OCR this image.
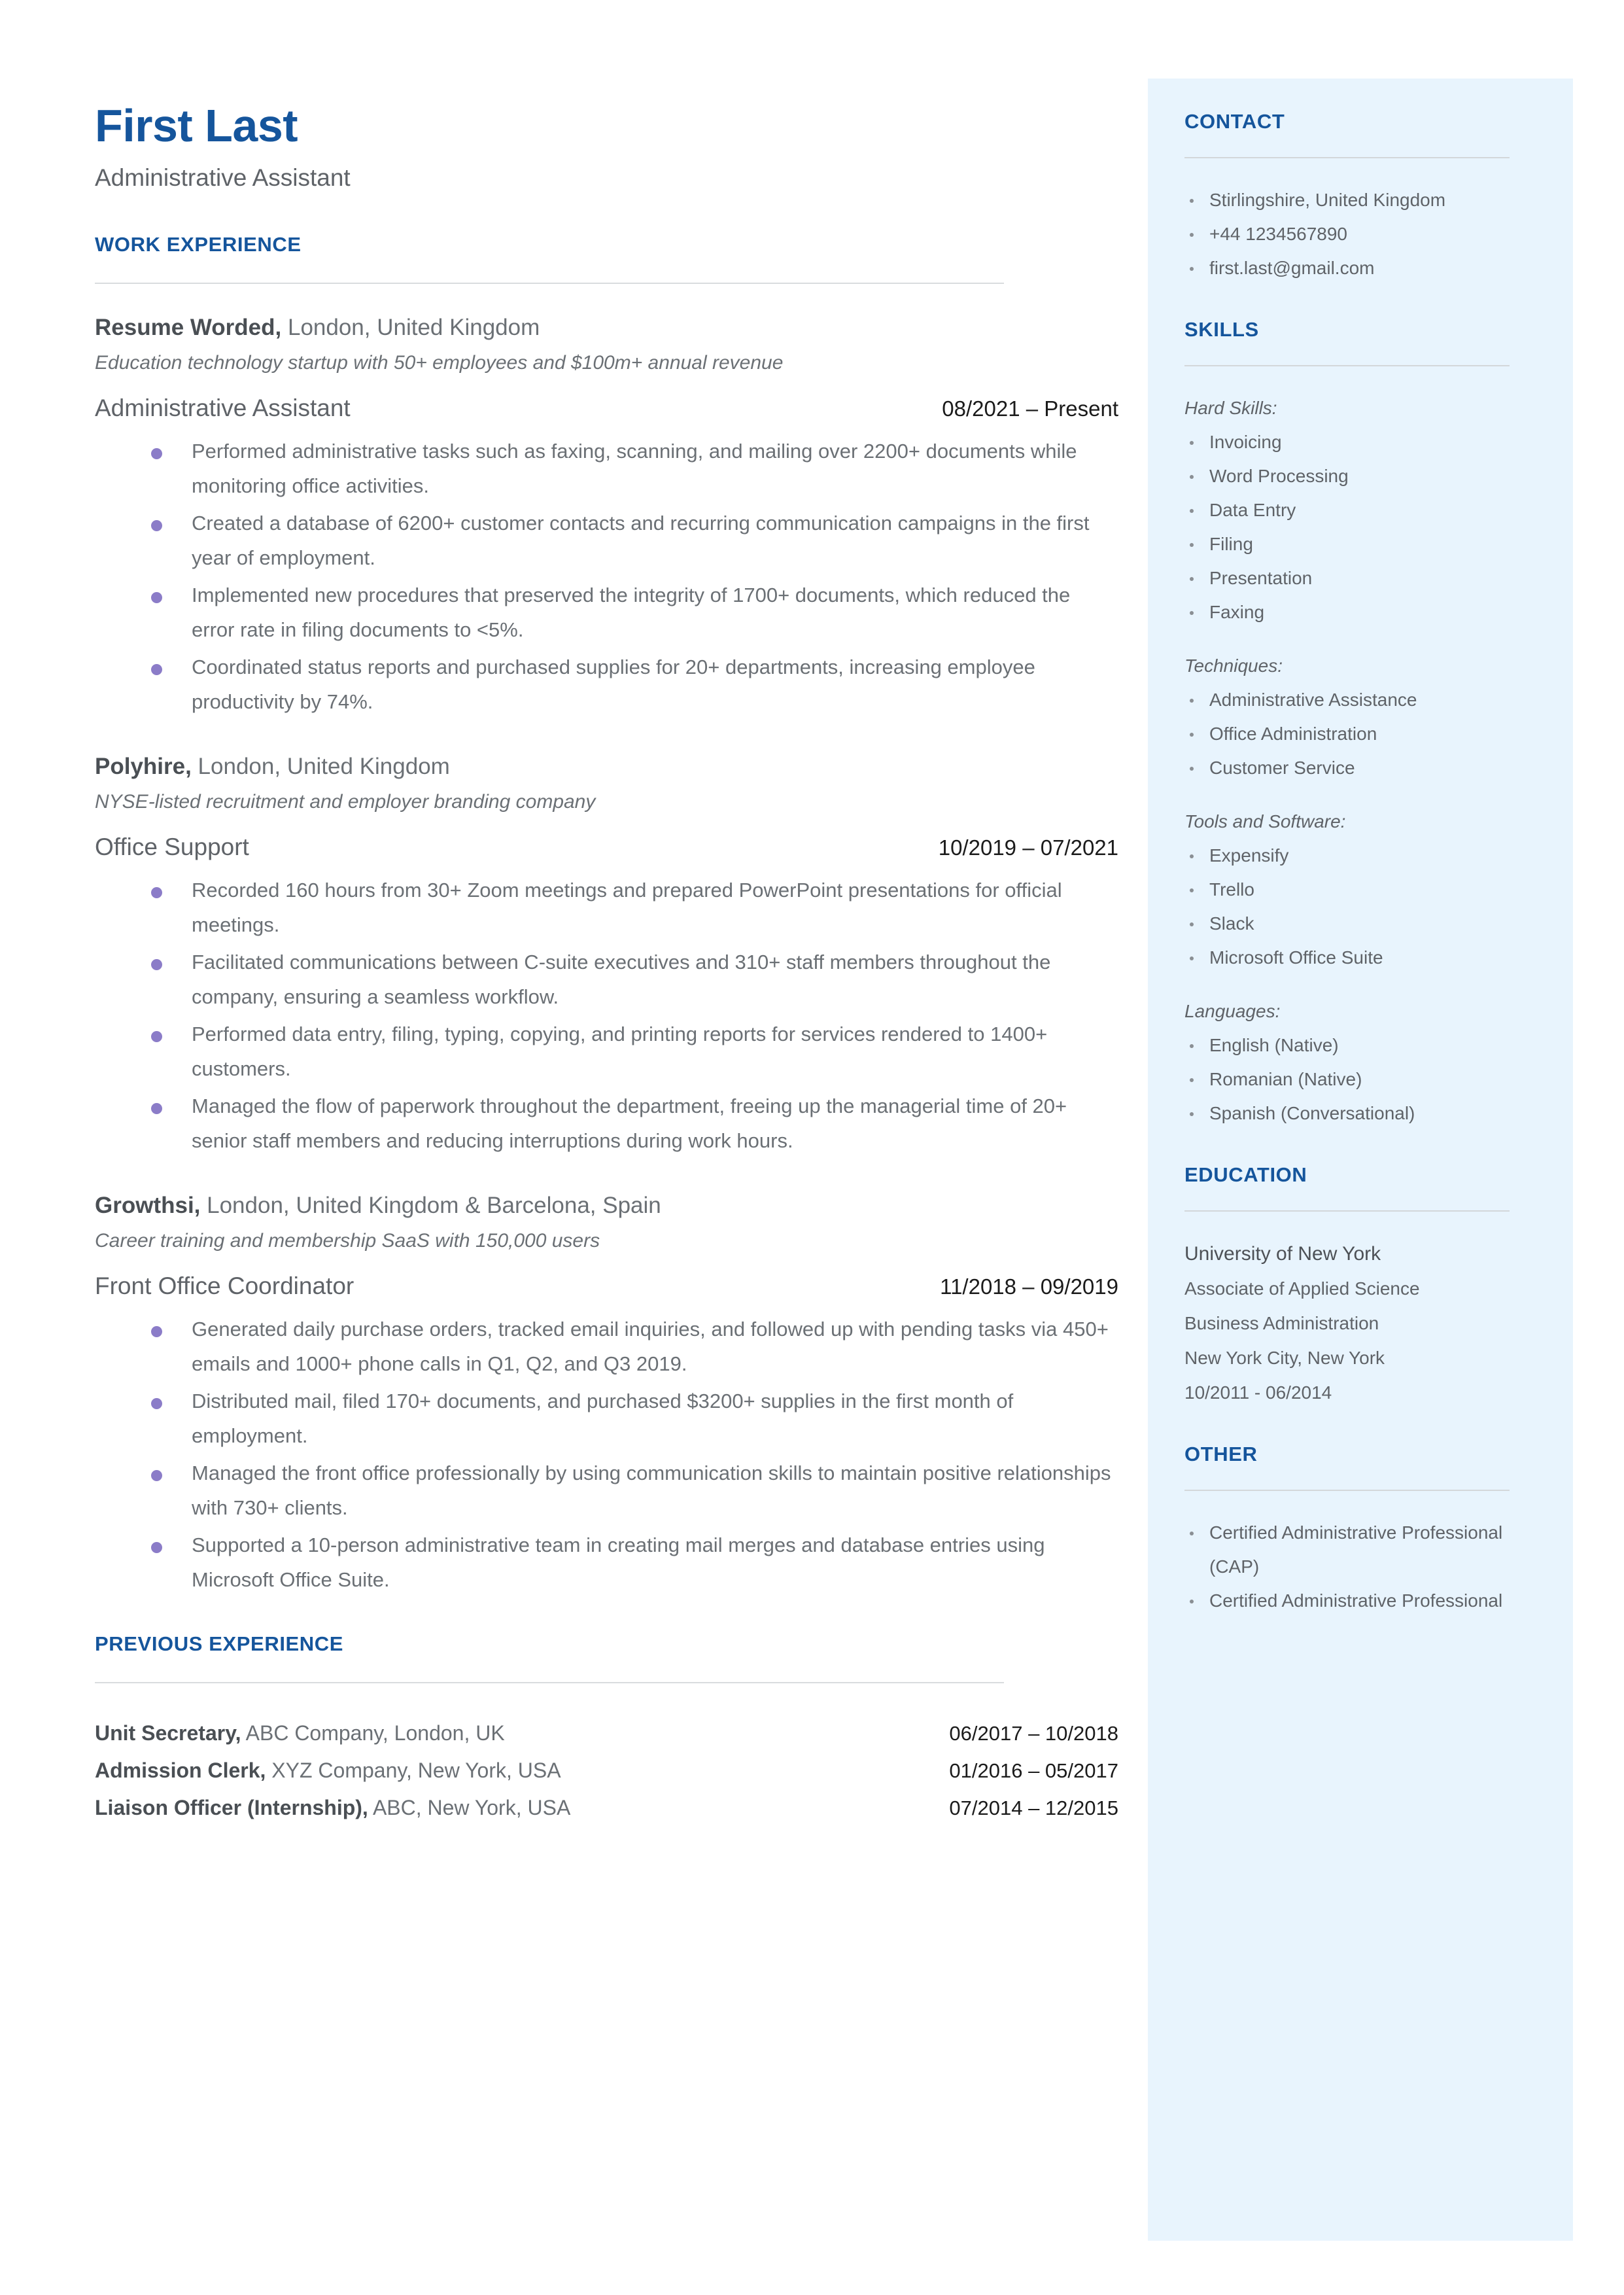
First Last
Administrative Assistant
WORK EXPERIENCE
Resume Worded, London, United Kingdom
Education technology startup with 50+ employees and $100m+ annual revenue
Administrative Assistant	08/2021 – Present
Performed administrative tasks such as faxing, scanning, and mailing over 2200+ documents while monitoring office activities.
Created a database of 6200+ customer contacts and recurring communication campaigns in the first year of employment.
Implemented new procedures that preserved the integrity of 1700+ documents, which reduced the error rate in filing documents to <5%.
Coordinated status reports and purchased supplies for 20+ departments, increasing employee productivity by 74%.
Polyhire, London, United Kingdom
NYSE-listed recruitment and employer branding company
Office Support	10/2019 – 07/2021
Recorded 160 hours from 30+ Zoom meetings and prepared PowerPoint presentations for official meetings.
Facilitated communications between C-suite executives and 310+ staff members throughout the company, ensuring a seamless workflow.
Performed data entry, filing, typing, copying, and printing reports for services rendered to 1400+ customers.
Managed the flow of paperwork throughout the department, freeing up the managerial time of 20+ senior staff members and reducing interruptions during work hours.
Growthsi, London, United Kingdom & Barcelona, Spain
Career training and membership SaaS with 150,000 users
Front Office Coordinator	11/2018 – 09/2019
Generated daily purchase orders, tracked email inquiries, and followed up with pending tasks via 450+ emails and 1000+ phone calls in Q1, Q2, and Q3 2019.
Distributed mail, filed 170+ documents, and purchased $3200+ supplies in the first month of employment.
Managed the front office professionally by using communication skills to maintain positive relationships with 730+ clients.
Supported a 10-person administrative team in creating mail merges and database entries using Microsoft Office Suite.
PREVIOUS EXPERIENCE
Unit Secretary, ABC Company, London, UK	06/2017 – 10/2018
Admission Clerk, XYZ Company, New York, USA	01/2016 – 05/2017
Liaison Officer (Internship), ABC, New York, USA	07/2014 – 12/2015
CONTACT
Stirlingshire, United Kingdom
+44 1234567890
first.last@gmail.com
SKILLS
Hard Skills:
Invoicing
Word Processing
Data Entry
Filing
Presentation
Faxing
Techniques:
Administrative Assistance
Office Administration
Customer Service
Tools and Software:
Expensify
Trello
Slack
Microsoft Office Suite
Languages:
English (Native)
Romanian (Native)
Spanish (Conversational)
EDUCATION
University of New York
Associate of Applied Science
Business Administration
New York City, New York
10/2011 - 06/2014
OTHER
Certified Administrative Professional (CAP)
Certified Administrative Professional
